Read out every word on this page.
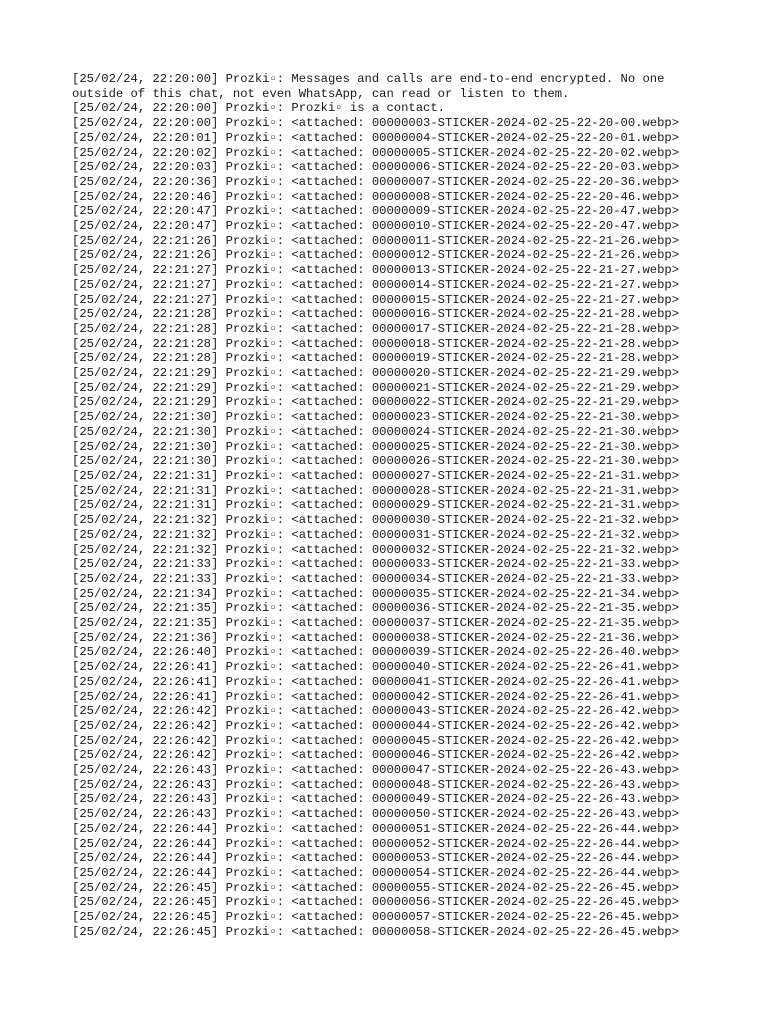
[25/02/24, 22:20:00] Prozki▫: Messages and calls are end-to-end encrypted. No one
outside of this chat, not even WhatsApp, can read or listen to them.
[25/02/24, 22:20:00] Prozki▫: Prozki▫ is a contact.
[25/02/24, 22:20:00] Prozki▫: <attached: 00000003-STICKER-2024-02-25-22-20-00.webp>
[25/02/24, 22:20:01] Prozki▫: <attached: 00000004-STICKER-2024-02-25-22-20-01.webp>
[25/02/24, 22:20:02] Prozki▫: <attached: 00000005-STICKER-2024-02-25-22-20-02.webp>
[25/02/24, 22:20:03] Prozki▫: <attached: 00000006-STICKER-2024-02-25-22-20-03.webp>
[25/02/24, 22:20:36] Prozki▫: <attached: 00000007-STICKER-2024-02-25-22-20-36.webp>
[25/02/24, 22:20:46] Prozki▫: <attached: 00000008-STICKER-2024-02-25-22-20-46.webp>
[25/02/24, 22:20:47] Prozki▫: <attached: 00000009-STICKER-2024-02-25-22-20-47.webp>
[25/02/24, 22:20:47] Prozki▫: <attached: 00000010-STICKER-2024-02-25-22-20-47.webp>
[25/02/24, 22:21:26] Prozki▫: <attached: 00000011-STICKER-2024-02-25-22-21-26.webp>
[25/02/24, 22:21:26] Prozki▫: <attached: 00000012-STICKER-2024-02-25-22-21-26.webp>
[25/02/24, 22:21:27] Prozki▫: <attached: 00000013-STICKER-2024-02-25-22-21-27.webp>
[25/02/24, 22:21:27] Prozki▫: <attached: 00000014-STICKER-2024-02-25-22-21-27.webp>
[25/02/24, 22:21:27] Prozki▫: <attached: 00000015-STICKER-2024-02-25-22-21-27.webp>
[25/02/24, 22:21:28] Prozki▫: <attached: 00000016-STICKER-2024-02-25-22-21-28.webp>
[25/02/24, 22:21:28] Prozki▫: <attached: 00000017-STICKER-2024-02-25-22-21-28.webp>
[25/02/24, 22:21:28] Prozki▫: <attached: 00000018-STICKER-2024-02-25-22-21-28.webp>
[25/02/24, 22:21:28] Prozki▫: <attached: 00000019-STICKER-2024-02-25-22-21-28.webp>
[25/02/24, 22:21:29] Prozki▫: <attached: 00000020-STICKER-2024-02-25-22-21-29.webp>
[25/02/24, 22:21:29] Prozki▫: <attached: 00000021-STICKER-2024-02-25-22-21-29.webp>
[25/02/24, 22:21:29] Prozki▫: <attached: 00000022-STICKER-2024-02-25-22-21-29.webp>
[25/02/24, 22:21:30] Prozki▫: <attached: 00000023-STICKER-2024-02-25-22-21-30.webp>
[25/02/24, 22:21:30] Prozki▫: <attached: 00000024-STICKER-2024-02-25-22-21-30.webp>
[25/02/24, 22:21:30] Prozki▫: <attached: 00000025-STICKER-2024-02-25-22-21-30.webp>
[25/02/24, 22:21:30] Prozki▫: <attached: 00000026-STICKER-2024-02-25-22-21-30.webp>
[25/02/24, 22:21:31] Prozki▫: <attached: 00000027-STICKER-2024-02-25-22-21-31.webp>
[25/02/24, 22:21:31] Prozki▫: <attached: 00000028-STICKER-2024-02-25-22-21-31.webp>
[25/02/24, 22:21:31] Prozki▫: <attached: 00000029-STICKER-2024-02-25-22-21-31.webp>
[25/02/24, 22:21:32] Prozki▫: <attached: 00000030-STICKER-2024-02-25-22-21-32.webp>
[25/02/24, 22:21:32] Prozki▫: <attached: 00000031-STICKER-2024-02-25-22-21-32.webp>
[25/02/24, 22:21:32] Prozki▫: <attached: 00000032-STICKER-2024-02-25-22-21-32.webp>
[25/02/24, 22:21:33] Prozki▫: <attached: 00000033-STICKER-2024-02-25-22-21-33.webp>
[25/02/24, 22:21:33] Prozki▫: <attached: 00000034-STICKER-2024-02-25-22-21-33.webp>
[25/02/24, 22:21:34] Prozki▫: <attached: 00000035-STICKER-2024-02-25-22-21-34.webp>
[25/02/24, 22:21:35] Prozki▫: <attached: 00000036-STICKER-2024-02-25-22-21-35.webp>
[25/02/24, 22:21:35] Prozki▫: <attached: 00000037-STICKER-2024-02-25-22-21-35.webp>
[25/02/24, 22:21:36] Prozki▫: <attached: 00000038-STICKER-2024-02-25-22-21-36.webp>
[25/02/24, 22:26:40] Prozki▫: <attached: 00000039-STICKER-2024-02-25-22-26-40.webp>
[25/02/24, 22:26:41] Prozki▫: <attached: 00000040-STICKER-2024-02-25-22-26-41.webp>
[25/02/24, 22:26:41] Prozki▫: <attached: 00000041-STICKER-2024-02-25-22-26-41.webp>
[25/02/24, 22:26:41] Prozki▫: <attached: 00000042-STICKER-2024-02-25-22-26-41.webp>
[25/02/24, 22:26:42] Prozki▫: <attached: 00000043-STICKER-2024-02-25-22-26-42.webp>
[25/02/24, 22:26:42] Prozki▫: <attached: 00000044-STICKER-2024-02-25-22-26-42.webp>
[25/02/24, 22:26:42] Prozki▫: <attached: 00000045-STICKER-2024-02-25-22-26-42.webp>
[25/02/24, 22:26:42] Prozki▫: <attached: 00000046-STICKER-2024-02-25-22-26-42.webp>
[25/02/24, 22:26:43] Prozki▫: <attached: 00000047-STICKER-2024-02-25-22-26-43.webp>
[25/02/24, 22:26:43] Prozki▫: <attached: 00000048-STICKER-2024-02-25-22-26-43.webp>
[25/02/24, 22:26:43] Prozki▫: <attached: 00000049-STICKER-2024-02-25-22-26-43.webp>
[25/02/24, 22:26:43] Prozki▫: <attached: 00000050-STICKER-2024-02-25-22-26-43.webp>
[25/02/24, 22:26:44] Prozki▫: <attached: 00000051-STICKER-2024-02-25-22-26-44.webp>
[25/02/24, 22:26:44] Prozki▫: <attached: 00000052-STICKER-2024-02-25-22-26-44.webp>
[25/02/24, 22:26:44] Prozki▫: <attached: 00000053-STICKER-2024-02-25-22-26-44.webp>
[25/02/24, 22:26:44] Prozki▫: <attached: 00000054-STICKER-2024-02-25-22-26-44.webp>
[25/02/24, 22:26:45] Prozki▫: <attached: 00000055-STICKER-2024-02-25-22-26-45.webp>
[25/02/24, 22:26:45] Prozki▫: <attached: 00000056-STICKER-2024-02-25-22-26-45.webp>
[25/02/24, 22:26:45] Prozki▫: <attached: 00000057-STICKER-2024-02-25-22-26-45.webp>
[25/02/24, 22:26:45] Prozki▫: <attached: 00000058-STICKER-2024-02-25-22-26-45.webp>
